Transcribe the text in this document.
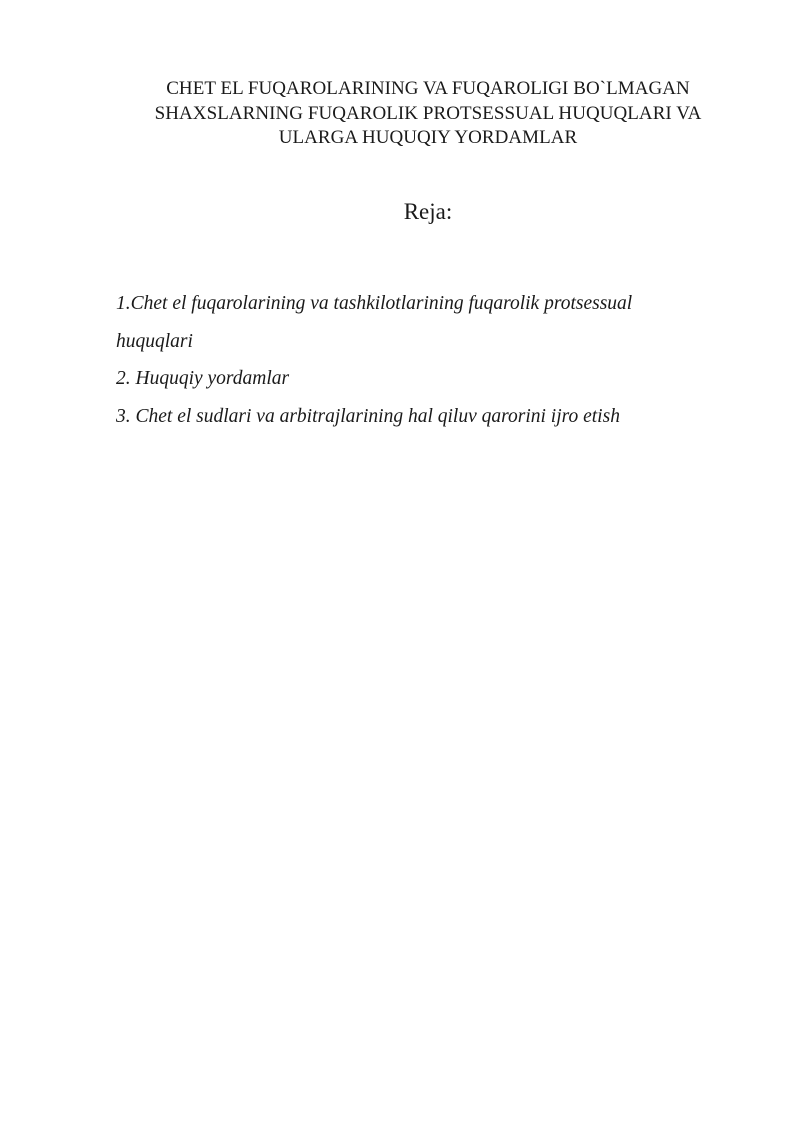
CHET EL FUQAROLARINING VA FUQAROLIGI BO`LMAGAN
SHAXSLARNING FUQAROLIK PROTSESSUAL HUQUQLARI VA
ULARGA HUQUQIY YORDAMLAR
Reja:
1.Chet el fuqarolarining va tashkilotlarining fuqarolik protsessual
huquqlari
2. Huquqiy yordamlar
3. Chet el sudlari va arbitrajlarining hal qiluv qarorini ijro etish
